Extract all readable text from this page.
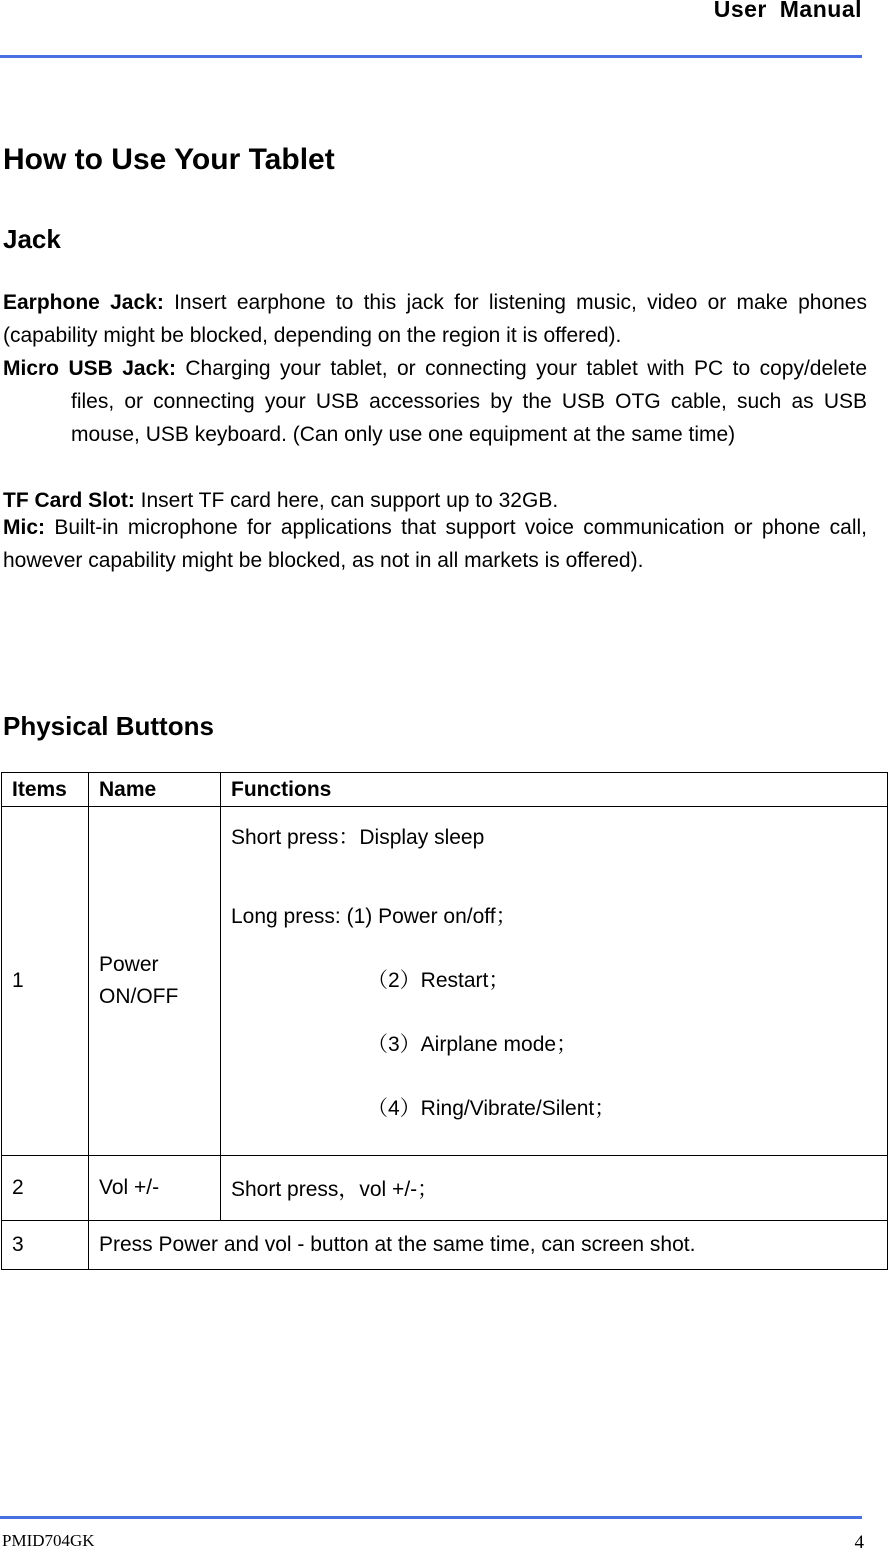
User Manual
How to Use Your Tablet
Jack

Earphone Jack: Insert earphone to this jack for listening music, video or make phones (capability might be blocked, depending on the region it is offered).

Micro USB Jack: Charging your tablet, or connecting your tablet with PC to copy/delete files, or connecting your USB accessories by the USB OTG cable, such as USB mouse, USB keyboard. (Can only use one equipment at the same time)

TF Card Slot: Insert TF card here, can support up to 32GB.

Mic: Built-in microphone for applications that support voice communication or phone call, however capability might be blocked, as not in all markets is offered).

Physical Buttons
Items	Name	Functions
1	Power ON/OFF	Short press：Display sleep
Long press: (1) Power on/off；
（2）Restart；
（3）Airplane mode；
（4）Ring/Vibrate/Silent；

2	Vol +/-	Short press，vol +/-；
3	Press Power and vol - button at the same time, can screen shot.	
PMID704GK	4
